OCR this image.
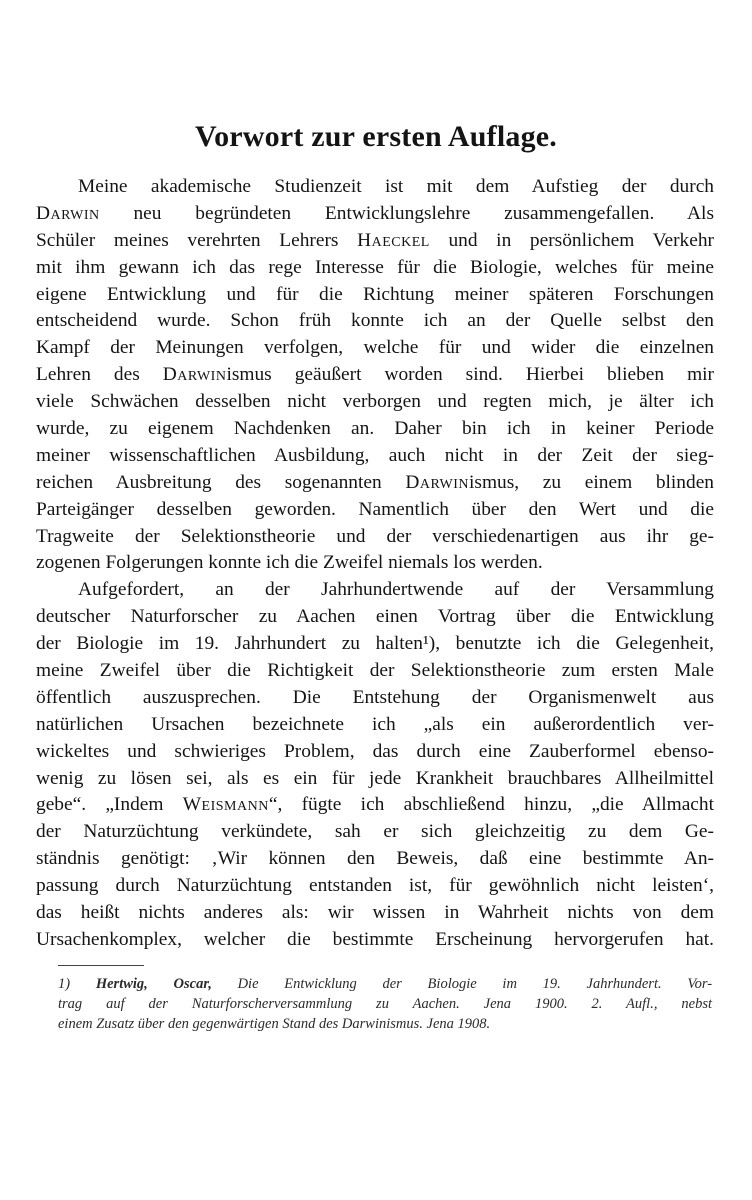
Vorwort zur ersten Auflage.
Meine akademische Studienzeit ist mit dem Aufstieg der durch
Darwin neu begründeten Entwicklungslehre zusammengefallen. Als
Schüler meines verehrten Lehrers Haeckel und in persönlichem Verkehr
mit ihm gewann ich das rege Interesse für die Biologie, welches für meine
eigene Entwicklung und für die Richtung meiner späteren Forschungen
entscheidend wurde. Schon früh konnte ich an der Quelle selbst den
Kampf der Meinungen verfolgen, welche für und wider die einzelnen
Lehren des Darwinismus geäußert worden sind. Hierbei blieben mir
viele Schwächen desselben nicht verborgen und regten mich, je älter ich
wurde, zu eigenem Nachdenken an. Daher bin ich in keiner Periode
meiner wissenschaftlichen Ausbildung, auch nicht in der Zeit der sieg-
reichen Ausbreitung des sogenannten Darwinismus, zu einem blinden
Parteigänger desselben geworden. Namentlich über den Wert und die
Tragweite der Selektionstheorie und der verschiedenartigen aus ihr ge-
zogenen Folgerungen konnte ich die Zweifel niemals los werden.
Aufgefordert, an der Jahrhundertwende auf der Versammlung
deutscher Naturforscher zu Aachen einen Vortrag über die Entwicklung
der Biologie im 19. Jahrhundert zu halten¹), benutzte ich die Gelegenheit,
meine Zweifel über die Richtigkeit der Selektionstheorie zum ersten Male
öffentlich auszusprechen. Die Entstehung der Organismenwelt aus
natürlichen Ursachen bezeichnete ich „als ein außerordentlich ver-
wickeltes und schwieriges Problem, das durch eine Zauberformel ebenso-
wenig zu lösen sei, als es ein für jede Krankheit brauchbares Allheilmittel
gebe“. „Indem Weismann“, fügte ich abschließend hinzu, „die Allmacht
der Naturzüchtung verkündete, sah er sich gleichzeitig zu dem Ge-
ständnis genötigt: ‚Wir können den Beweis, daß eine bestimmte An-
passung durch Naturzüchtung entstanden ist, für gewöhnlich nicht leisten‘,
das heißt nichts anderes als: wir wissen in Wahrheit nichts von dem
Ursachenkomplex, welcher die bestimmte Erscheinung hervorgerufen hat.
1) Hertwig, Oscar, Die Entwicklung der Biologie im 19. Jahrhundert. Vor-
trag auf der Naturforscherversammlung zu Aachen. Jena 1900. 2. Aufl., nebst
einem Zusatz über den gegenwärtigen Stand des Darwinismus. Jena 1908.
